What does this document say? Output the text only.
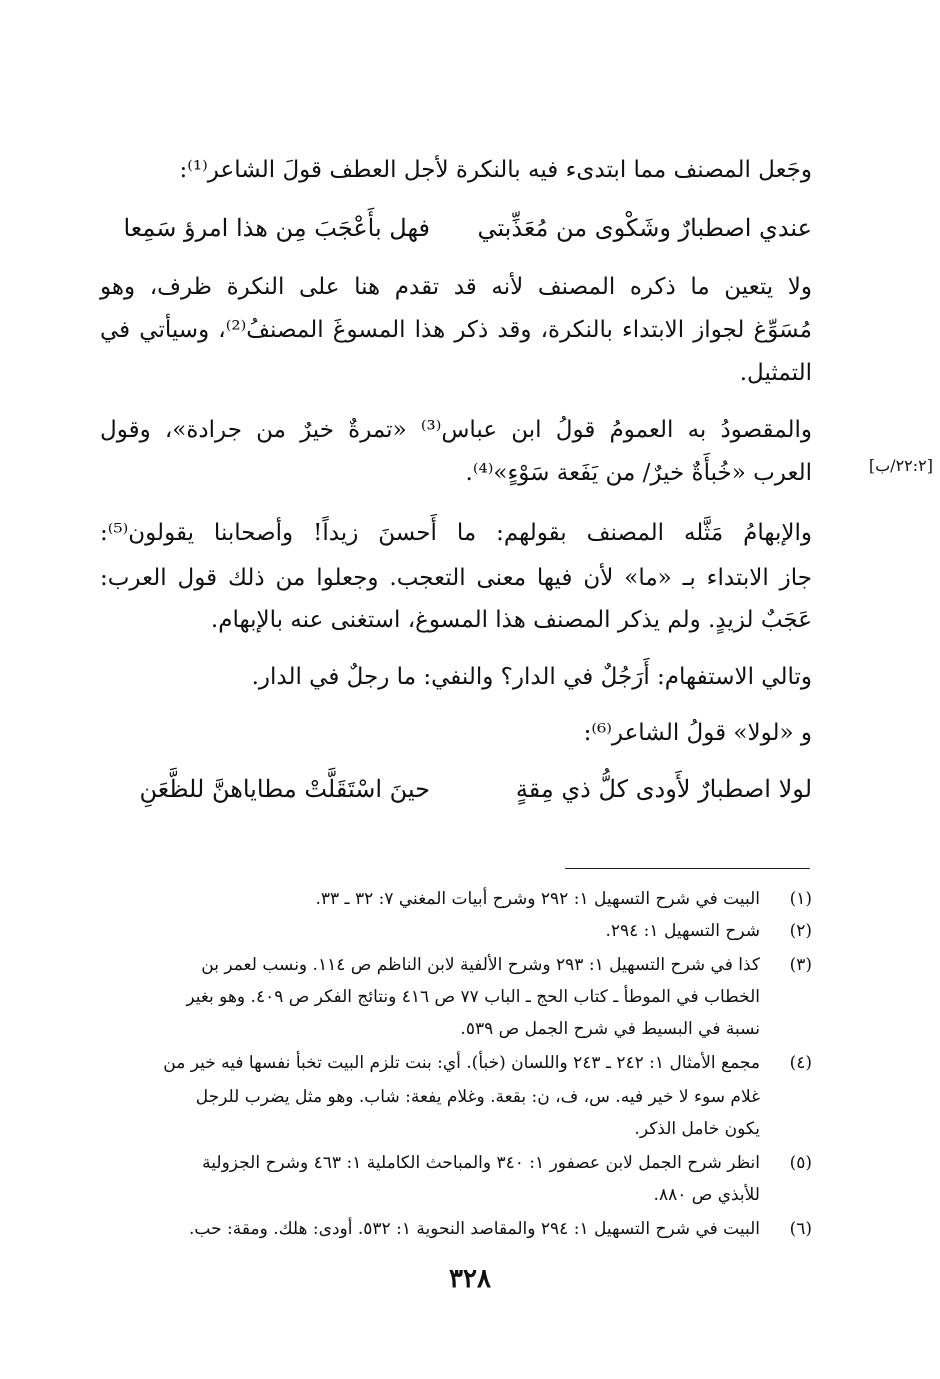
وجَعل المصنف مما ابتدىء فيه بالنكرة لأجل العطف قولَ الشاعر⁽¹⁾:
عندي اصطبارٌ وشَكْوى من مُعَذِّبتي
فهل بأَعْجَبَ مِن هذا امرؤ سَمِعا
ولا يتعين ما ذكره المصنف لأنه قد تقدم هنا على النكرة ظرف، وهو
مُسَوِّغ لجواز الابتداء بالنكرة، وقد ذكر هذا المسوغَ المصنفُ⁽²⁾، وسيأتي في
التمثيل.
والمقصودُ به العمومُ قولُ ابن عباس⁽³⁾ «تمرةٌ خيرٌ من جرادة»، وقول
العرب «خُبأَةٌ خيرٌ/ من يَفَعة سَوْءٍ»⁽⁴⁾.	[٢٢:٢/ب]
والإبهامُ مَثَّله المصنف بقولهم: ما أَحسنَ زيداً! وأصحابنا يقولون⁽⁵⁾:
جاز الابتداء بـ «ما» لأن فيها معنى التعجب. وجعلوا من ذلك قول العرب:
عَجَبٌ لزيدٍ. ولم يذكر المصنف هذا المسوغ، استغنى عنه بالإبهام.
وتالي الاستفهام: أَرَجُلٌ في الدار؟ والنفي: ما رجلٌ في الدار.
و «لولا» قولُ الشاعر⁽⁶⁾:
لولا اصطبارٌ لأَودى كلُّ ذي مِقةٍ
حينَ اسْتَقَلَّتْ مطاياهنَّ للظَّعَنِ
(١)
البيت في شرح التسهيل ١: ٢٩٢ وشرح أبيات المغني ٧: ٣٢ ـ ٣٣.
(٢)
شرح التسهيل ١: ٢٩٤.
(٣)
كذا في شرح التسهيل ١: ٢٩٣ وشرح الألفية لابن الناظم ص ١١٤. ونسب لعمر بن
الخطاب في الموطأ ـ كتاب الحج ـ الباب ٧٧ ص ٤١٦ ونتائج الفكر ص ٤٠٩. وهو بغير
نسبة في البسيط في شرح الجمل ص ٥٣٩.
(٤)
مجمع الأمثال ١: ٢٤٢ ـ ٢٤٣ واللسان (خبأ). أي: بنت تلزم البيت تخبأ نفسها فيه خير من
غلام سوء لا خير فيه. س، ف، ن: بقعة. وغلام يفعة: شاب. وهو مثل يضرب للرجل
يكون خامل الذكر.
(٥)
انظر شرح الجمل لابن عصفور ١: ٣٤٠ والمباحث الكاملية ١: ٤٦٣ وشرح الجزولية
للأبذي ص ٨٨٠.
(٦)
البيت في شرح التسهيل ١: ٢٩٤ والمقاصد النحوية ١: ٥٣٢. أودى: هلك. ومقة: حب.
٣٢٨
